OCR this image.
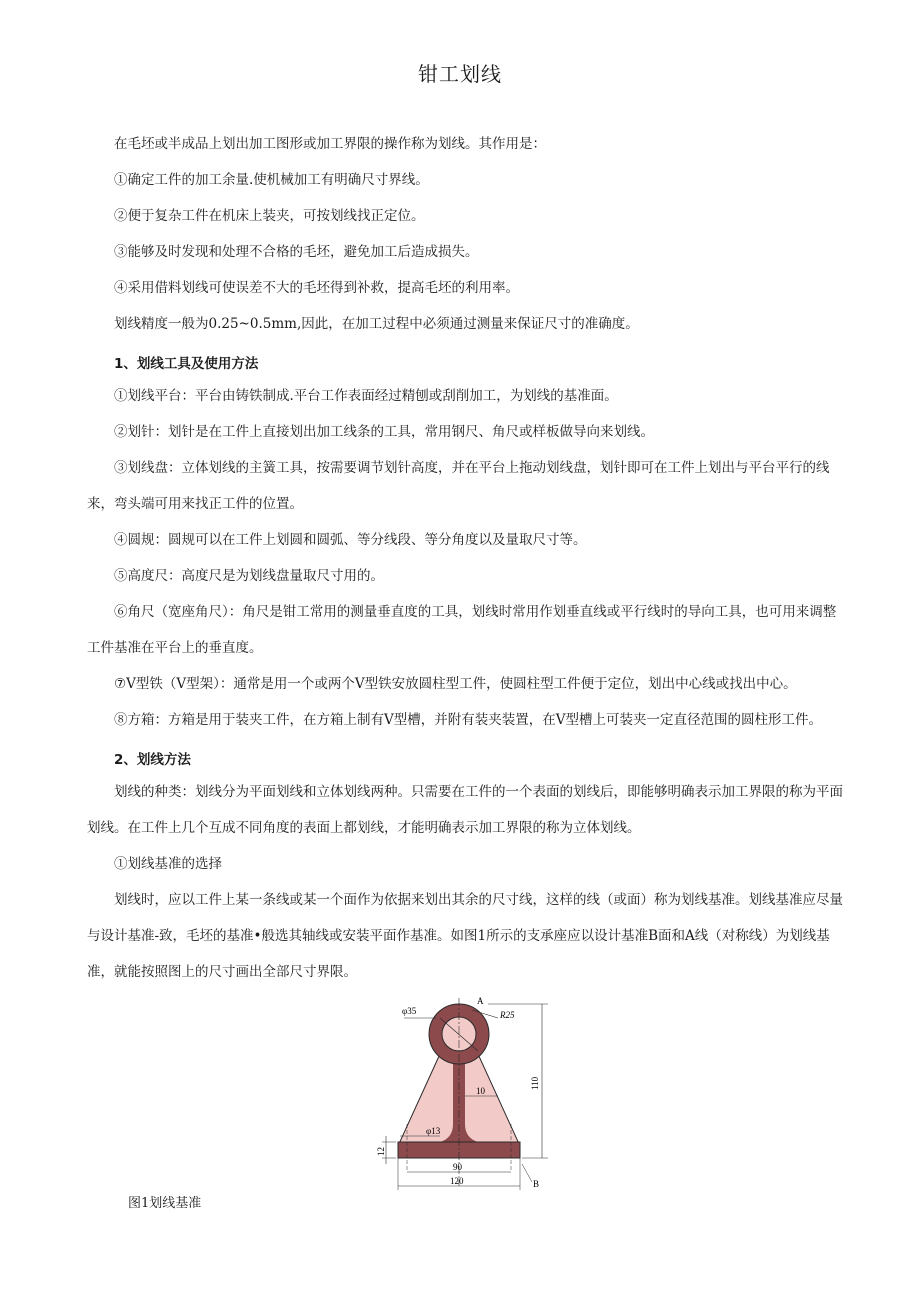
钳工划线
在毛坯或半成品上划出加工图形或加工界限的操作称为划线。其作用是：
①确定工件的加工余量.使机械加工有明确尺寸界线。
②便于复杂工件在机床上装夹，可按划线找正定位。
③能够及时发现和处理不合格的毛坯，避免加工后造成损失。
④采用借料划线可使误差不大的毛坯得到补救，提高毛坯的利用率。
划线精度一般为0.25~0.5mm,因此，在加工过程中必须通过测量来保证尺寸的准确度。
1、划线工具及使用方法
①划线平台：平台由铸铁制成.平台工作表面经过精刨或刮削加工，为划线的基准面。
②划针：划针是在工件上直接划出加工线条的工具，常用钢尺、角尺或样板做导向来划线。
③划线盘：立体划线的主簧工具，按需要调节划针高度，并在平台上拖动划线盘，划针即可在工件上划出与平台平行的线来，弯头端可用来找正工件的位置。
④圆规：圆规可以在工件上划圆和圆弧、等分线段、等分角度以及量取尺寸等。
⑤高度尺：高度尺是为划线盘量取尺寸用的。
⑥角尺（宽座角尺）：角尺是钳工常用的测量垂直度的工具，划线时常用作划垂直线或平行线时的导向工具，也可用来调整工件基准在平台上的垂直度。
⑦V型铁（V型架）：通常是用一个或两个V型铁安放圆柱型工件，使圆柱型工件便于定位，划出中心线或找出中心。
⑧方箱：方箱是用于装夹工件，在方箱上制有V型槽，并附有装夹装置，在V型槽上可装夹一定直径范围的圆柱形工件。
2、划线方法
划线的种类：划线分为平面划线和立体划线两种。只需要在工件的一个表面的划线后，即能够明确表示加工界限的称为平面划线。在工件上几个互成不同角度的表面上都划线，才能明确表示加工界限的称为立体划线。
①划线基准的选择
划线时，应以工件上某一条线或某一个面作为依据来划出其余的尺寸线，这样的线（或面）称为划线基准。划线基准应尽量与设计基准-致，毛坯的基准•般选其轴线或安装平面作基准。如图1所示的支承座应以设计基准B面和A线（对称线）为划线基准，就能按照图上的尺寸画出全部尺寸界限。
φ35
A
R25
10
110
φ13
12
90
120	B
图1划线基准
